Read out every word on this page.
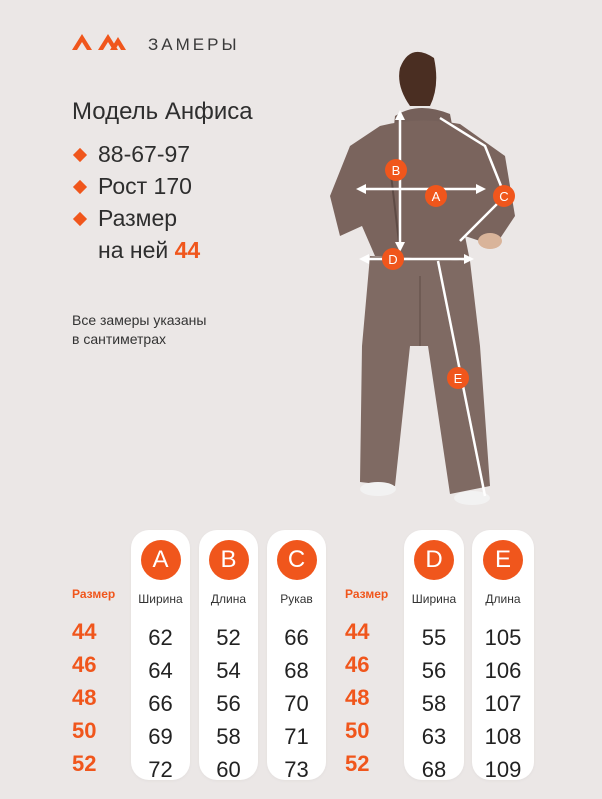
ЗАМЕРЫ
Модель Анфиса
88-67-97
Рост 170
Размер
на ней 44
Все замеры указаны
в сантиметрах
B
A	C
D
E
Размер
44
46
48
50
52
A
Ширина
62
64
66
69
72
B
Длина
52
54
56
58
60
C
Рукав
66
68
70
71
73
Размер
44
46
48
50
52
D
Ширина
55
56
58
63
68
E
Длина
105
106
107
108
109
